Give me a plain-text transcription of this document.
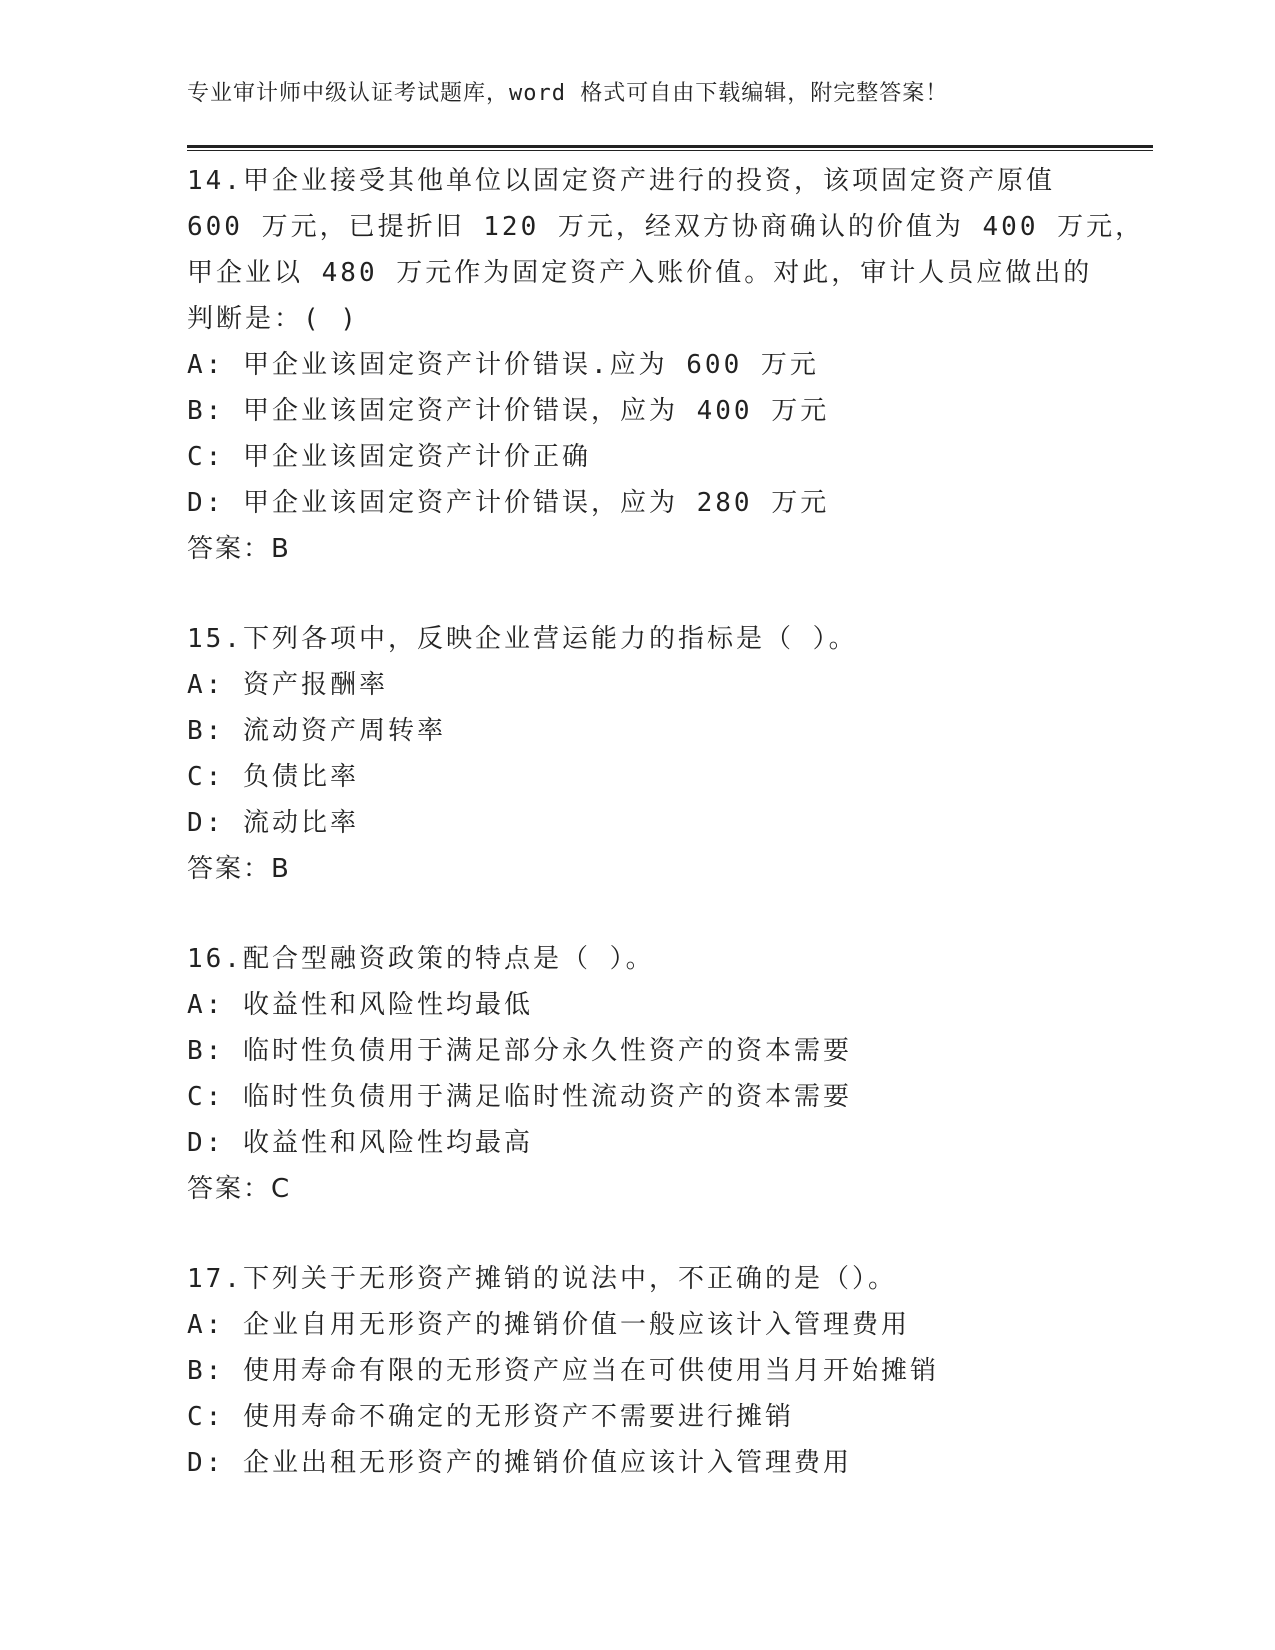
专业审计师中级认证考试题库，word 格式可自由下载编辑，附完整答案！
14.甲企业接受其他单位以固定资产进行的投资，该项固定资产原值
600 万元，已提折旧 120 万元，经双方协商确认的价值为 400 万元，
甲企业以 480 万元作为固定资产入账价值。对此，审计人员应做出的
判断是：( )
A: 甲企业该固定资产计价错误.应为 600 万元
B: 甲企业该固定资产计价错误，应为 400 万元
C: 甲企业该固定资产计价正确
D: 甲企业该固定资产计价错误，应为 280 万元
答案：B
15.下列各项中，反映企业营运能力的指标是（ ）。
A: 资产报酬率
B: 流动资产周转率
C: 负债比率
D: 流动比率
答案：B
16.配合型融资政策的特点是（ ）。
A: 收益性和风险性均最低
B: 临时性负债用于满足部分永久性资产的资本需要
C: 临时性负债用于满足临时性流动资产的资本需要
D: 收益性和风险性均最高
答案：C
17.下列关于无形资产摊销的说法中，不正确的是（）。
A: 企业自用无形资产的摊销价值一般应该计入管理费用
B: 使用寿命有限的无形资产应当在可供使用当月开始摊销
C: 使用寿命不确定的无形资产不需要进行摊销
D: 企业出租无形资产的摊销价值应该计入管理费用
